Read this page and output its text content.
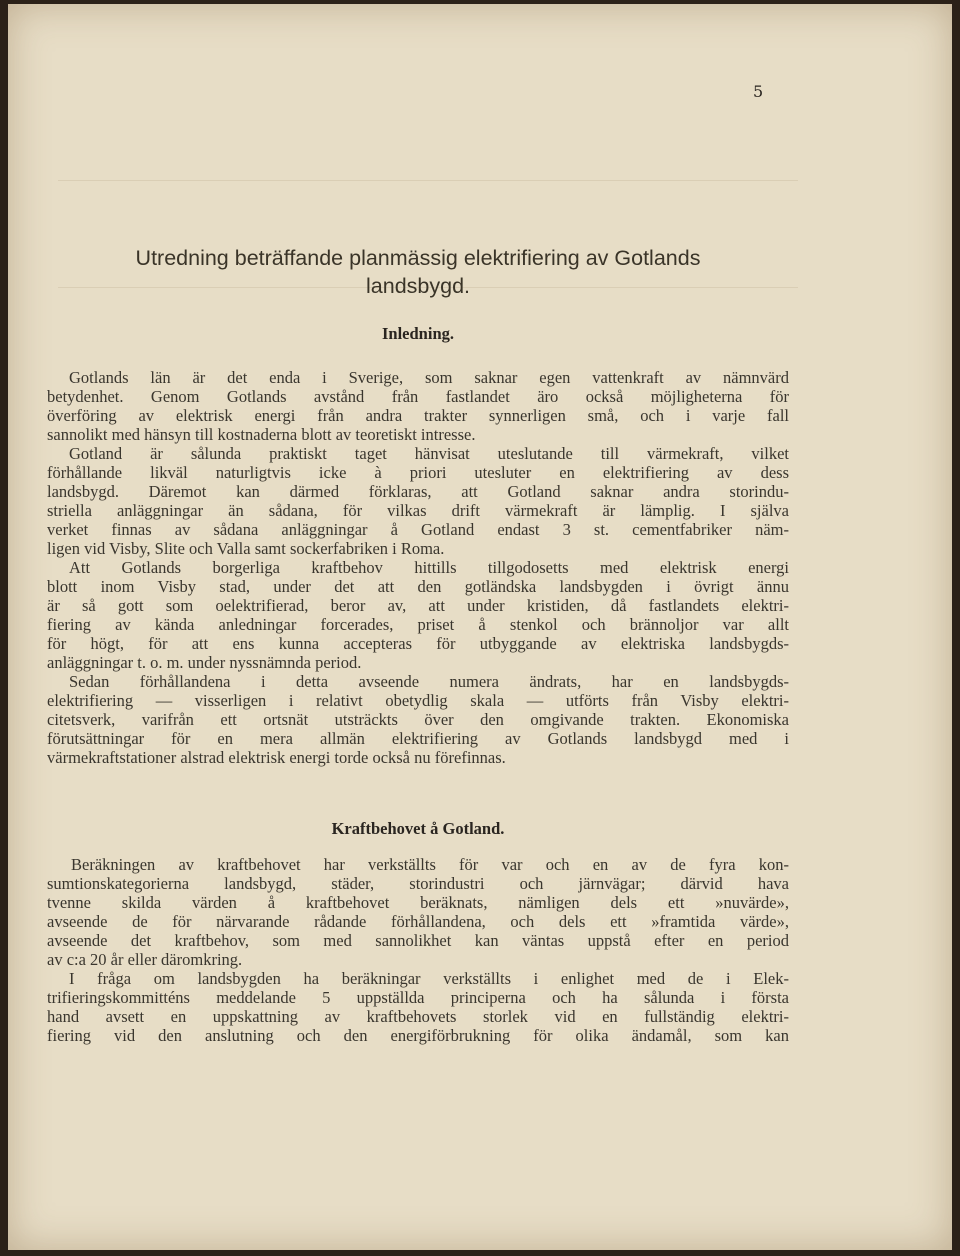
5
Utredning beträffande planmässig elektrifiering av Gotlands
landsbygd.
Inledning.
Gotlands län är det enda i Sverige, som saknar egen vattenkraft av nämnvärd
betydenhet. Genom Gotlands avstånd från fastlandet äro också möjligheterna för
överföring av elektrisk energi från andra trakter synnerligen små, och i varje fall
sannolikt med hänsyn till kostnaderna blott av teoretiskt intresse.
Gotland är sålunda praktiskt taget hänvisat uteslutande till värmekraft, vilket
förhållande likväl naturligtvis icke à priori utesluter en elektrifiering av dess
landsbygd. Däremot kan därmed förklaras, att Gotland saknar andra storindu-
striella anläggningar än sådana, för vilkas drift värmekraft är lämplig. I själva
verket finnas av sådana anläggningar å Gotland endast 3 st. cementfabriker näm-
ligen vid Visby, Slite och Valla samt sockerfabriken i Roma.
Att Gotlands borgerliga kraftbehov hittills tillgodosetts med elektrisk energi
blott inom Visby stad, under det att den gotländska landsbygden i övrigt ännu
är så gott som oelektrifierad, beror av, att under kristiden, då fastlandets elektri-
fiering av kända anledningar forcerades, priset å stenkol och brännoljor var allt
för högt, för att ens kunna accepteras för utbyggande av elektriska landsbygds-
anläggningar t. o. m. under nyssnämnda period.
Sedan förhållandena i detta avseende numera ändrats, har en landsbygds-
elektrifiering — visserligen i relativt obetydlig skala — utförts från Visby elektri-
citetsverk, varifrån ett ortsnät utsträckts över den omgivande trakten. Ekonomiska
förutsättningar för en mera allmän elektrifiering av Gotlands landsbygd med i
värmekraftstationer alstrad elektrisk energi torde också nu förefinnas.
Kraftbehovet å Gotland.
Beräkningen av kraftbehovet har verkställts för var och en av de fyra kon-
sumtionskategorierna landsbygd, städer, storindustri och järnvägar; därvid hava
tvenne skilda värden å kraftbehovet beräknats, nämligen dels ett »nuvärde»,
avseende de för närvarande rådande förhållandena, och dels ett »framtida värde»,
avseende det kraftbehov, som med sannolikhet kan väntas uppstå efter en period
av c:a 20 år eller däromkring.
I fråga om landsbygden ha beräkningar verkställts i enlighet med de i Elek-
trifieringskommitténs meddelande 5 uppställda principerna och ha sålunda i första
hand avsett en uppskattning av kraftbehovets storlek vid en fullständig elektri-
fiering vid den anslutning och den energiförbrukning för olika ändamål, som kan
